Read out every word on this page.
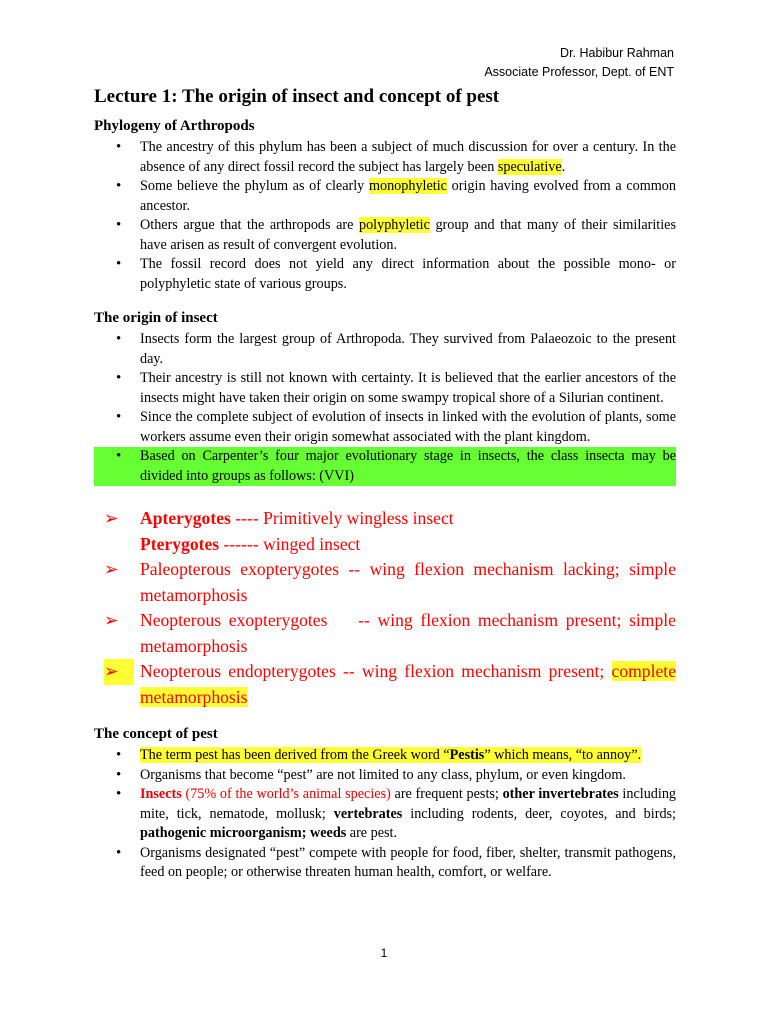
Dr. Habibur Rahman
Associate Professor, Dept. of ENT
Lecture 1: The origin of insect and concept of pest
Phylogeny of Arthropods
• The ancestry of this phylum has been a subject of much discussion for over a century. In the absence of any direct fossil record the subject has largely been speculative.
• Some believe the phylum as of clearly monophyletic origin having evolved from a common ancestor.
• Others argue that the arthropods are polyphyletic group and that many of their similarities have arisen as result of convergent evolution.
• The fossil record does not yield any direct information about the possible mono- or polyphyletic state of various groups.
The origin of insect
• Insects form the largest group of Arthropoda. They survived from Palaeozoic to the present day.
• Their ancestry is still not known with certainty. It is believed that the earlier ancestors of the insects might have taken their origin on some swampy tropical shore of a Silurian continent.
• Since the complete subject of evolution of insects in linked with the evolution of plants, some workers assume even their origin somewhat associated with the plant kingdom.
• Based on Carpenter’s four major evolutionary stage in insects, the class insecta may be divided into groups as follows: (VVI)
➢	Apterygotes ---- Primitively wingless insect
Pterygotes ------ winged insect
➢	Paleopterous exopterygotes -- wing flexion mechanism lacking; simple metamorphosis
➢	Neopterous exopterygotes    -- wing flexion mechanism present; simple metamorphosis
➢	Neopterous endopterygotes -- wing flexion mechanism present; complete metamorphosis
The concept of pest
• The term pest has been derived from the Greek word “Pestis” which means, “to annoy”.
• Organisms that become “pest” are not limited to any class, phylum, or even kingdom.
• Insects (75% of the world’s animal species) are frequent pests; other invertebrates including mite, tick, nematode, mollusk; vertebrates including rodents, deer, coyotes, and birds; pathogenic microorganism; weeds are pest.
• Organisms designated “pest” compete with people for food, fiber, shelter, transmit pathogens, feed on people; or otherwise threaten human health, comfort, or welfare.
1
